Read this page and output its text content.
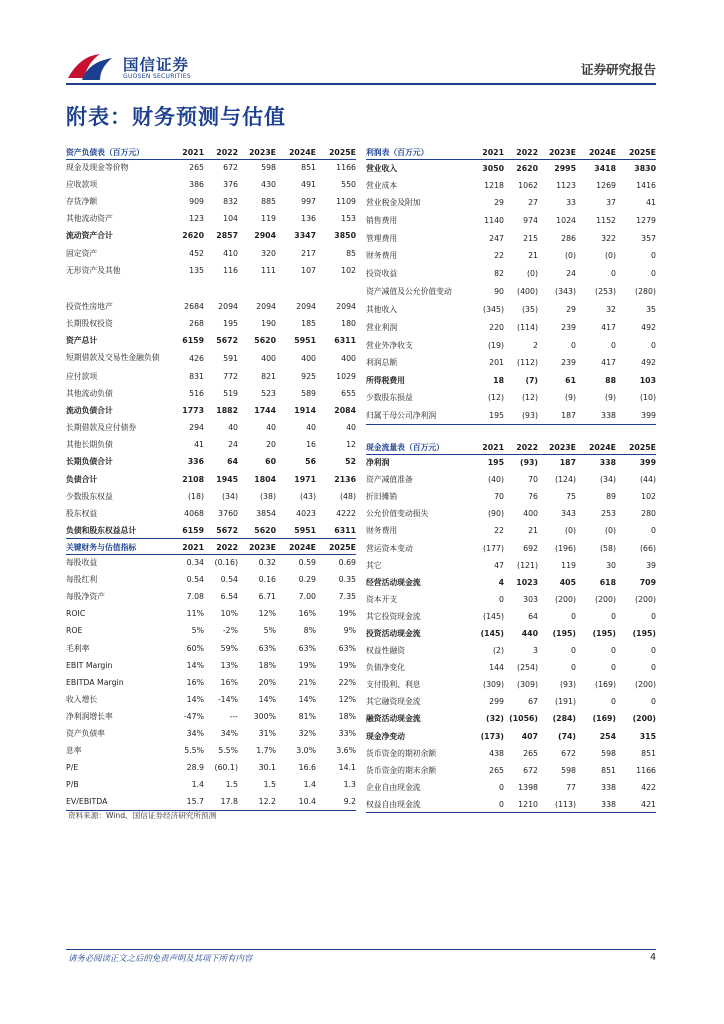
国信证券
GUOSEN SECURITIES	证券研究报告
附表：财务预测与估值
资产负债表（百万元）	2021	2022	2023E	2024E	2025E
现金及现金等价物	265	672	598	851	1166
应收款项	386	376	430	491	550
存货净额	909	832	885	997	1109
其他流动资产	123	104	119	136	153
流动资产合计	2620	2857	2904	3347	3850
固定资产	452	410	320	217	85
无形资产及其他	135	116	111	107	102

投资性房地产	2684	2094	2094	2094	2094
长期股权投资	268	195	190	185	180
资产总计	6159	5672	5620	5951	6311
短期借款及交易性金融负债	426	591	400	400	400
应付款项	831	772	821	925	1029
其他流动负债	516	519	523	589	655
流动负债合计	1773	1882	1744	1914	2084
长期借款及应付债券	294	40	40	40	40
其他长期负债	41	24	20	16	12
长期负债合计	336	64	60	56	52
负债合计	2108	1945	1804	1971	2136
少数股东权益	(18)	(34)	(38)	(43)	(48)
股东权益	4068	3760	3854	4023	4222
负债和股东权益总计	6159	5672	5620	5951	6311
关键财务与估值指标	2021	2022	2023E	2024E	2025E
每股收益	0.34	(0.16)	0.32	0.59	0.69
每股红利	0.54	0.54	0.16	0.29	0.35
每股净资产	7.08	6.54	6.71	7.00	7.35
ROIC	11%	10%	12%	16%	19%
ROE	5%	-2%	5%	8%	9%
毛利率	60%	59%	63%	63%	63%
EBIT Margin	14%	13%	18%	19%	19%
EBITDA Margin	16%	16%	20%	21%	22%
收入增长	14%	-14%	14%	14%	12%
净利润增长率	-47%	---	300%	81%	18%
资产负债率	34%	34%	31%	32%	33%
息率	5.5%	5.5%	1.7%	3.0%	3.6%
P/E	28.9	(60.1)	30.1	16.6	14.1
P/B	1.4	1.5	1.5	1.4	1.3
EV/EBITDA	15.7	17.8	12.2	10.4	9.2
利润表（百万元）	2021	2022	2023E	2024E	2025E
营业收入	3050	2620	2995	3418	3830
营业成本	1218	1062	1123	1269	1416
营业税金及附加	29	27	33	37	41
销售费用	1140	974	1024	1152	1279
管理费用	247	215	286	322	357
财务费用	22	21	(0)	(0)	0
投资收益	82	(0)	24	0	0
资产减值及公允价值变动	90	(400)	(343)	(253)	(280)
其他收入	(345)	(35)	29	32	35
营业利润	220	(114)	239	417	492
营业外净收支	(19)	2	0	0	0
利润总额	201	(112)	239	417	492
所得税费用	18	(7)	61	88	103
少数股东损益	(12)	(12)	(9)	(9)	(10)
归属于母公司净利润	195	(93)	187	338	399
现金流量表（百万元）	2021	2022	2023E	2024E	2025E
净利润	195	(93)	187	338	399
资产减值准备	(40)	70	(124)	(34)	(44)
折旧摊销	70	76	75	89	102
公允价值变动损失	(90)	400	343	253	280
财务费用	22	21	(0)	(0)	0
营运资本变动	(177)	692	(196)	(58)	(66)
其它	47	(121)	119	30	39
经营活动现金流	4	1023	405	618	709
资本开支	0	303	(200)	(200)	(200)
其它投资现金流	(145)	64	0	0	0
投资活动现金流	(145)	440	(195)	(195)	(195)
权益性融资	(2)	3	0	0	0
负债净变化	144	(254)	0	0	0
支付股利、利息	(309)	(309)	(93)	(169)	(200)
其它融资现金流	299	67	(191)	0	0
融资活动现金流	(32)	(1056)	(284)	(169)	(200)
现金净变动	(173)	407	(74)	254	315
货币资金的期初余额	438	265	672	598	851
货币资金的期末余额	265	672	598	851	1166
企业自由现金流	0	1398	77	338	422
权益自由现金流	0	1210	(113)	338	421
资料来源：Wind、国信证券经济研究所预测
请务必阅读正文之后的免责声明及其项下所有内容	4
